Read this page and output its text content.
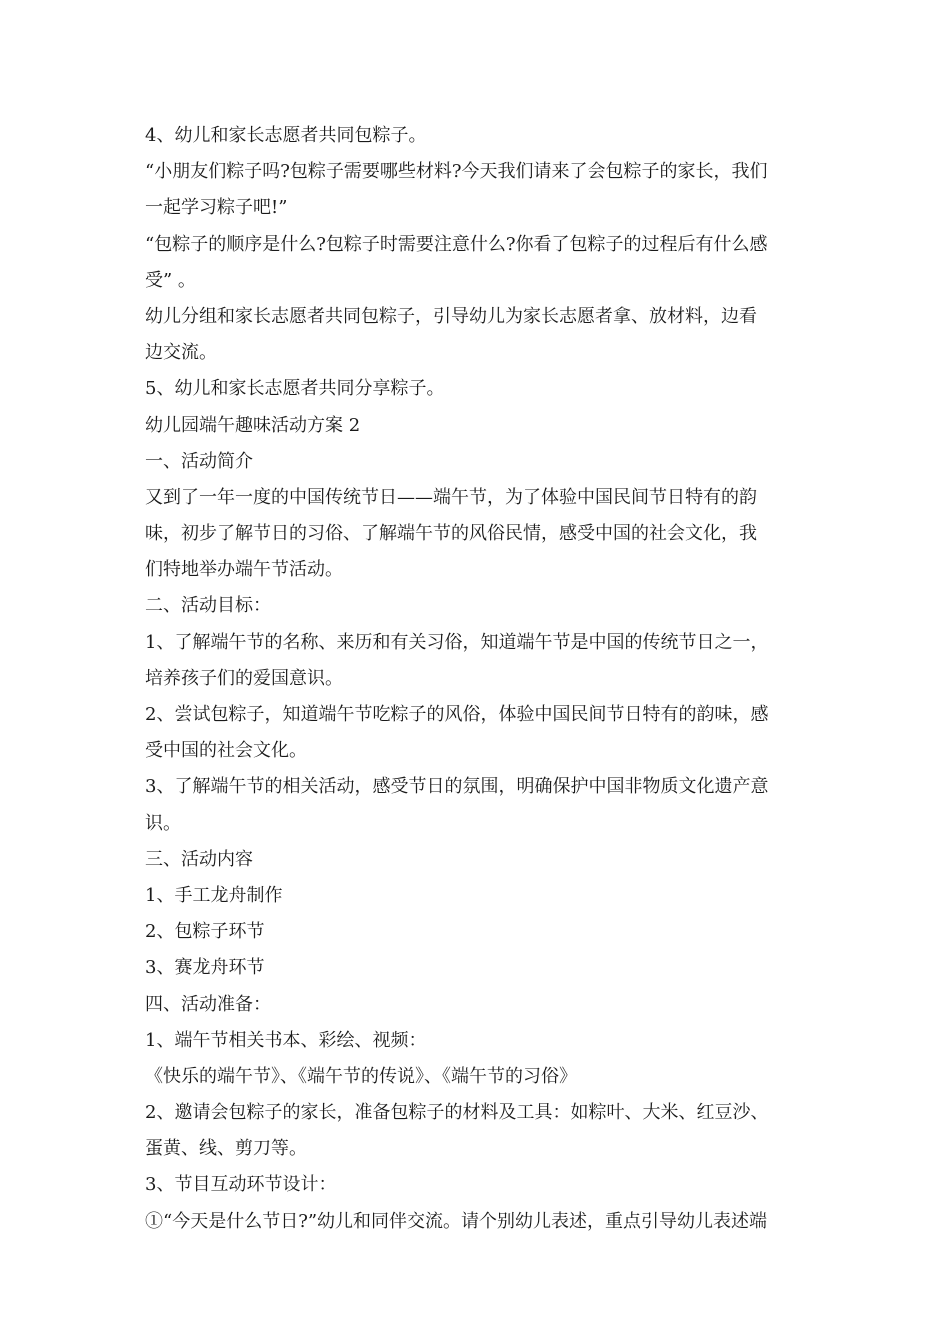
4、幼儿和家长志愿者共同包粽子。
“小朋友们粽子吗?包粽子需要哪些材料?今天我们请来了会包粽子的家长，我们
一起学习粽子吧!”
“包粽子的顺序是什么?包粽子时需要注意什么?你看了包粽子的过程后有什么感
受” 。
幼儿分组和家长志愿者共同包粽子，引导幼儿为家长志愿者拿、放材料，边看
边交流。
5、幼儿和家长志愿者共同分享粽子。
幼儿园端午趣味活动方案 2
一、活动简介
又到了一年一度的中国传统节日——端午节，为了体验中国民间节日特有的韵
味，初步了解节日的习俗、了解端午节的风俗民情，感受中国的社会文化，我
们特地举办端午节活动。
二、活动目标：
1、了解端午节的名称、来历和有关习俗，知道端午节是中国的传统节日之一，
培养孩子们的爱国意识。
2、尝试包粽子，知道端午节吃粽子的风俗，体验中国民间节日特有的韵味，感
受中国的社会文化。
3、了解端午节的相关活动，感受节日的氛围，明确保护中国非物质文化遗产意
识。
三、活动内容
1、手工龙舟制作
2、包粽子环节
3、赛龙舟环节
四、活动准备：
1、端午节相关书本、彩绘、视频：
《快乐的端午节》、《端午节的传说》、《端午节的习俗》
2、邀请会包粽子的家长，准备包粽子的材料及工具：如粽叶、大米、红豆沙、
蛋黄、线、剪刀等。
3、节目互动环节设计：
①“今天是什么节日?”幼儿和同伴交流。请个别幼儿表述，重点引导幼儿表述端
